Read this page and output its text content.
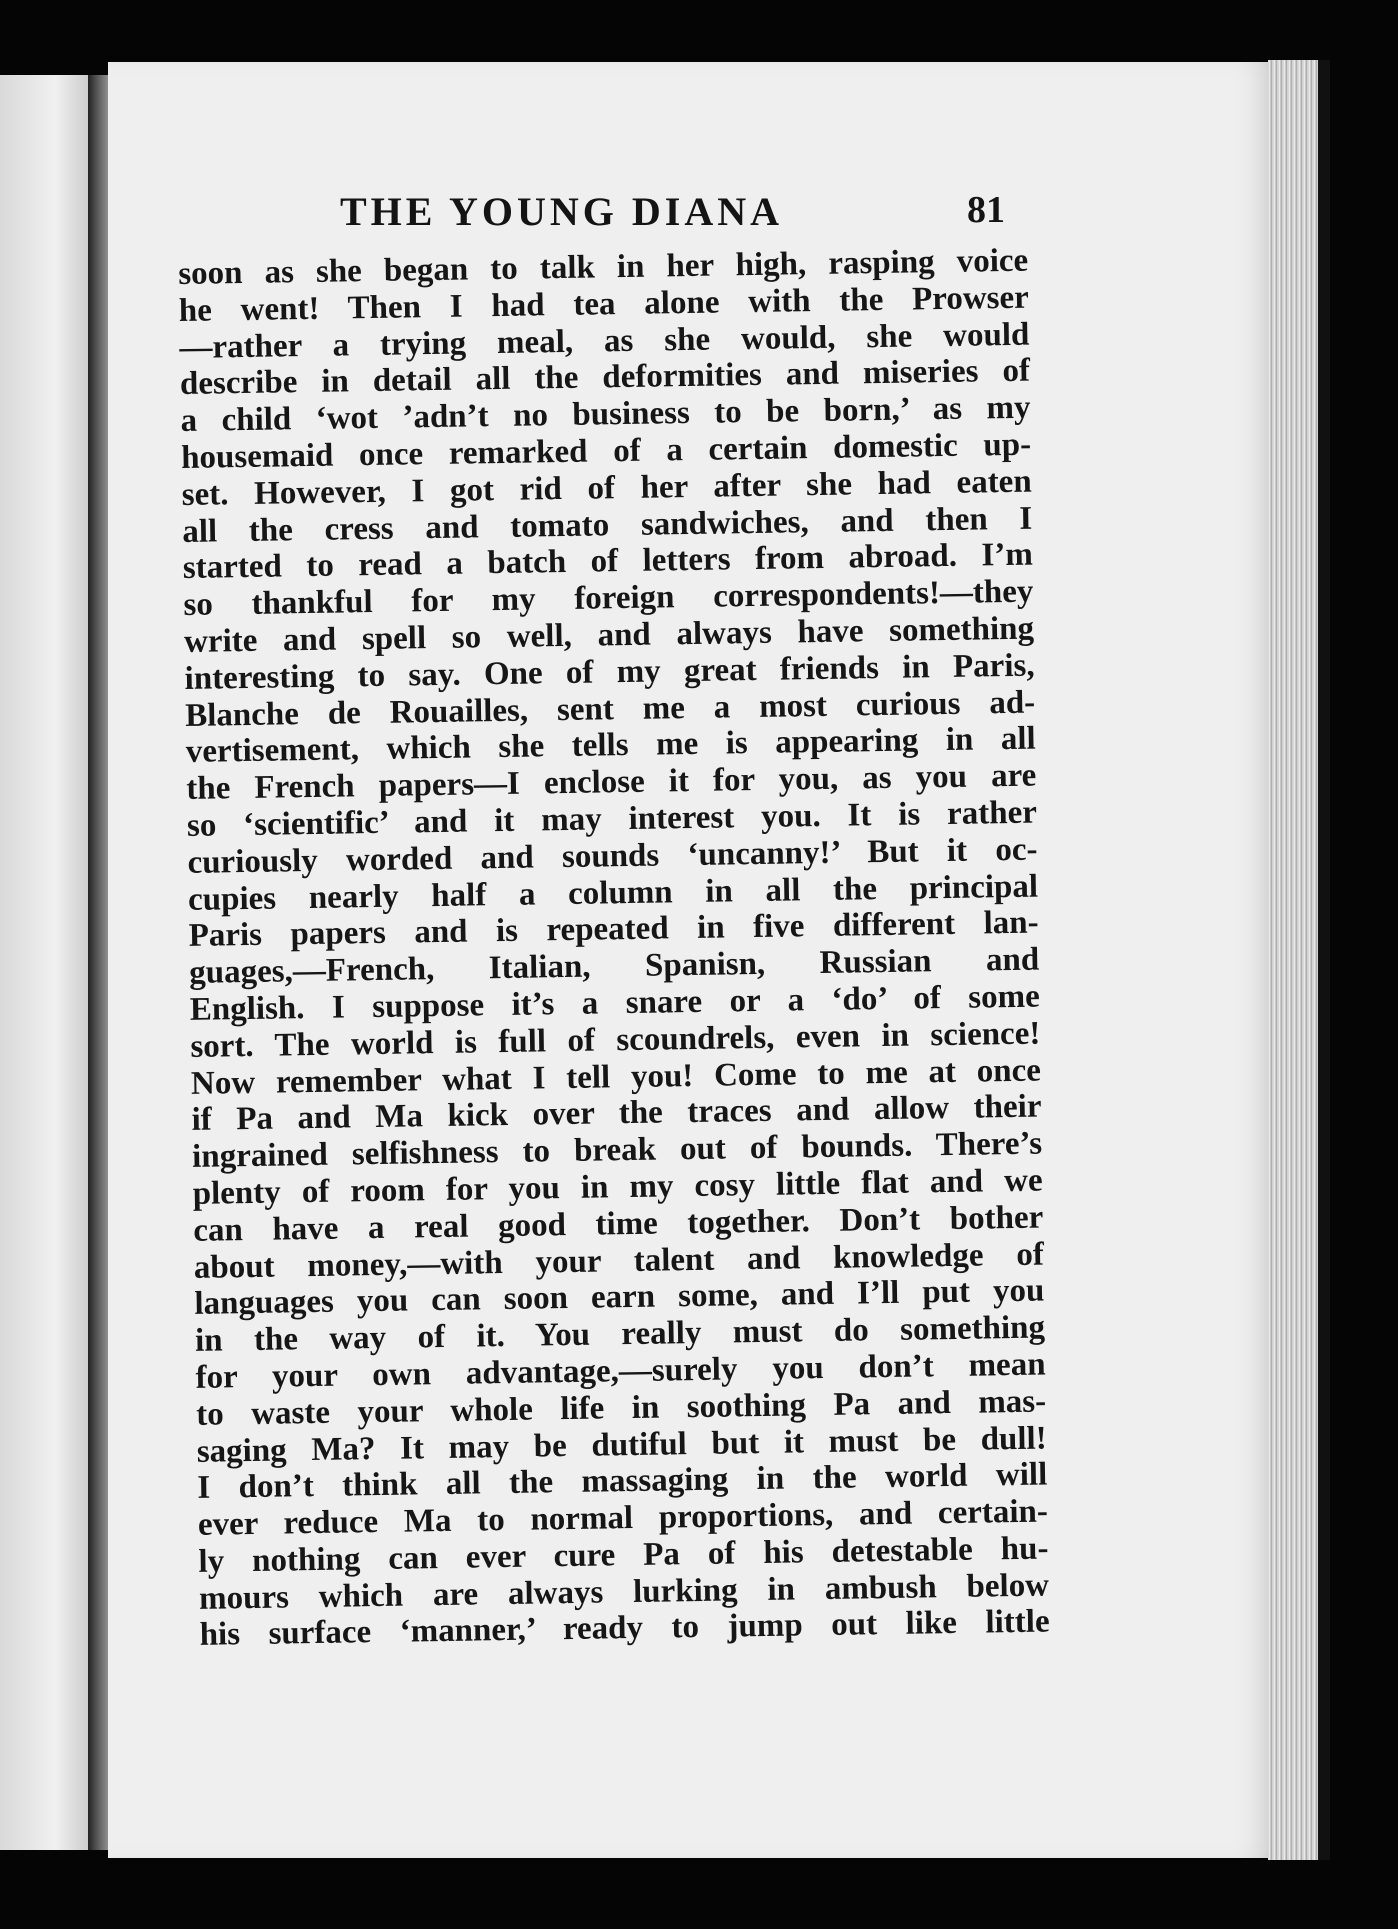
THE YOUNG DIANA	81
soon as she began to talk in her high, rasping voice
he went! Then I had tea alone with the Prowser
—rather a trying meal, as she would, she would
describe in detail all the deformities and miseries of
a child ‘wot ’adn’t no business to be born,’ as my
housemaid once remarked of a certain domestic up-
set. However, I got rid of her after she had eaten
all the cress and tomato sandwiches, and then I
started to read a batch of letters from abroad. I’m
so thankful for my foreign correspondents!—they
write and spell so well, and always have something
interesting to say. One of my great friends in Paris,
Blanche de Rouailles, sent me a most curious ad-
vertisement, which she tells me is appearing in all
the French papers—I enclose it for you, as you are
so ‘scientific’ and it may interest you. It is rather
curiously worded and sounds ‘uncanny!’ But it oc-
cupies nearly half a column in all the principal
Paris papers and is repeated in five different lan-
guages,—French, Italian, Spanisn, Russian and
English. I suppose it’s a snare or a ‘do’ of some
sort. The world is full of scoundrels, even in science!
Now remember what I tell you! Come to me at once
if Pa and Ma kick over the traces and allow their
ingrained selfishness to break out of bounds. There’s
plenty of room for you in my cosy little flat and we
can have a real good time together. Don’t bother
about money,—with your talent and knowledge of
languages you can soon earn some, and I’ll put you
in the way of it. You really must do something
for your own advantage,—surely you don’t mean
to waste your whole life in soothing Pa and mas-
saging Ma? It may be dutiful but it must be dull!
I don’t think all the massaging in the world will
ever reduce Ma to normal proportions, and certain-
ly nothing can ever cure Pa of his detestable hu-
mours which are always lurking in ambush below
his surface ‘manner,’ ready to jump out like little
